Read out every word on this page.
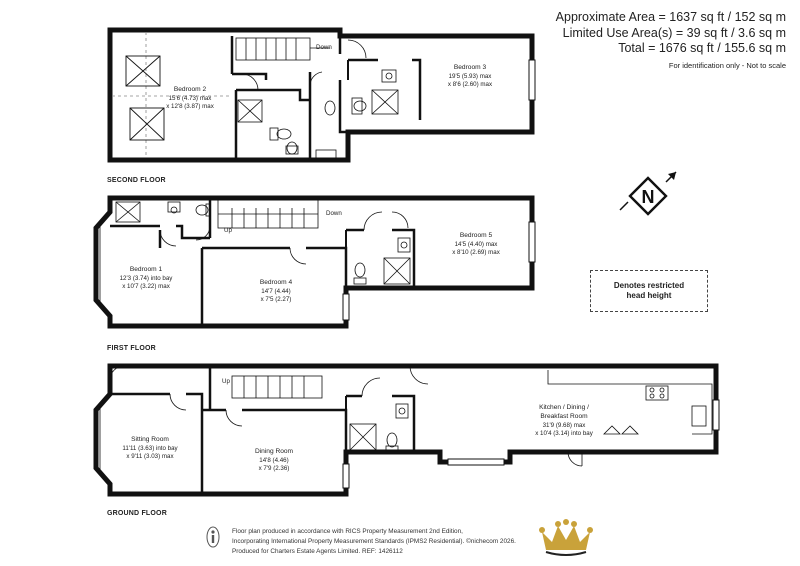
N
Approximate Area = 1637 sq ft / 152 sq m
Limited Use Area(s) = 39 sq ft / 3.6 sq m
Total = 1676 sq ft / 155.6 sq m
For identification only - Not to scale
SECOND FLOOR
FIRST FLOOR
GROUND FLOOR
Down
Down
Up
Up
Bedroom 2
15'6 (4.73) max
x 12'8 (3.87) max
Bedroom 3
19'5 (5.93) max
x 8'6 (2.60) max
Bedroom 1
12'3 (3.74) into bay
x 10'7 (3.22) max
Bedroom 4
14'7 (4.44)
x 7'5 (2.27)
Bedroom 5
14'5 (4.40) max
x 8'10 (2.69) max
Sitting Room
11'11 (3.63) into bay
x 9'11 (3.03) max
Dining Room
14'8 (4.46)
x 7'9 (2.36)
Kitchen / Dining /
Breakfast Room
31'9 (9.68) max
x 10'4 (3.14) into bay
Denotes restricted
head height
Floor plan produced in accordance with RICS Property Measurement 2nd Edition,
Incorporating International Property Measurement Standards (IPMS2 Residential). ©nichecom 2026.
Produced for Charters Estate Agents Limited. REF: 1426112
